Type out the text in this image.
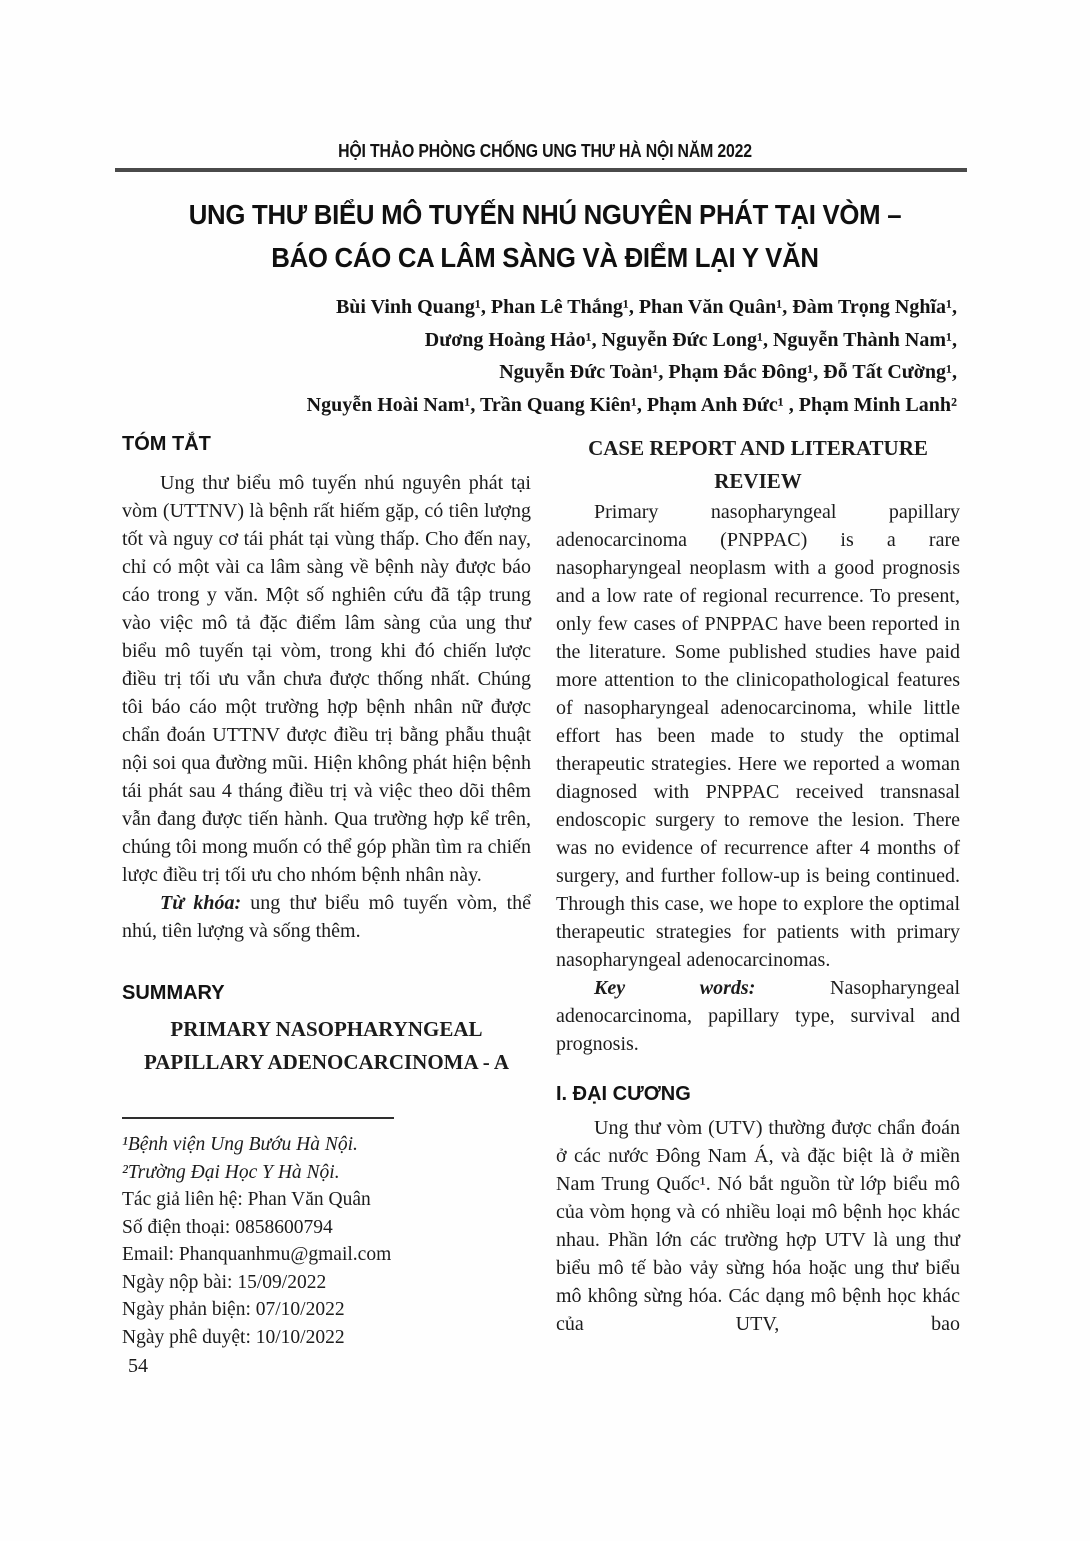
HỘI THẢO PHÒNG CHỐNG UNG THƯ HÀ NỘI NĂM 2022
UNG THƯ BIỂU MÔ TUYẾN NHÚ NGUYÊN PHÁT TẠI VÒM –
BÁO CÁO CA LÂM SÀNG VÀ ĐIỂM LẠI Y VĂN
Bùi Vinh Quang¹, Phan Lê Thắng¹, Phan Văn Quân¹, Đàm Trọng Nghĩa¹,
Dương Hoàng Hảo¹, Nguyễn Đức Long¹, Nguyễn Thành Nam¹,
Nguyễn Đức Toàn¹, Phạm Đắc Đông¹, Đỗ Tất Cường¹,
Nguyễn Hoài Nam¹, Trần Quang Kiên¹, Phạm Anh Đức¹ , Phạm Minh Lanh²
TÓM TẮT

Ung thư biểu mô tuyến nhú nguyên phát tại vòm (UTTNV) là bệnh rất hiếm gặp, có tiên lượng tốt và nguy cơ tái phát tại vùng thấp. Cho đến nay, chỉ có một vài ca lâm sàng về bệnh này được báo cáo trong y văn. Một số nghiên cứu đã tập trung vào việc mô tả đặc điểm lâm sàng của ung thư biểu mô tuyến tại vòm, trong khi đó chiến lược điều trị tối ưu vẫn chưa được thống nhất. Chúng tôi báo cáo một trường hợp bệnh nhân nữ được chẩn đoán UTTNV được điều trị bằng phẫu thuật nội soi qua đường mũi. Hiện không phát hiện bệnh tái phát sau 4 tháng điều trị và việc theo dõi thêm vẫn đang được tiến hành. Qua trường hợp kể trên, chúng tôi mong muốn có thể góp phần tìm ra chiến lược điều trị tối ưu cho nhóm bệnh nhân này.

Từ khóa: ung thư biểu mô tuyến vòm, thể nhú, tiên lượng và sống thêm.

SUMMARY

PRIMARY NASOPHARYNGEAL PAPILLARY ADENOCARCINOMA - A

¹Bệnh viện Ung Bướu Hà Nội.
²Trường Đại Học Y Hà Nội.
Tác giả liên hệ: Phan Văn Quân
Số điện thoại: 0858600794
Email: Phanquanhmu@gmail.com
Ngày nộp bài: 15/09/2022
Ngày phản biện: 07/10/2022
Ngày phê duyệt: 10/10/2022

CASE REPORT AND LITERATURE REVIEW

Primary nasopharyngeal papillary adenocarcinoma (PNPPAC) is a rare nasopharyngeal neoplasm with a good prognosis and a low rate of regional recurrence. To present, only few cases of PNPPAC have been reported in the literature. Some published studies have paid more attention to the clinicopathological features of nasopharyngeal adenocarcinoma, while little effort has been made to study the optimal therapeutic strategies. Here we reported a woman diagnosed with PNPPAC received transnasal endoscopic surgery to remove the lesion. There was no evidence of recurrence after 4 months of surgery, and further follow-up is being continued. Through this case, we hope to explore the optimal therapeutic strategies for patients with primary nasopharyngeal adenocarcinomas.

Key words: Nasopharyngeal adenocarcinoma, papillary type, survival and prognosis.

I. ĐẠI CƯƠNG

Ung thư vòm (UTV) thường được chẩn đoán ở các nước Đông Nam Á, và đặc biệt là ở miền Nam Trung Quốc¹. Nó bắt nguồn từ lớp biểu mô của vòm họng và có nhiều loại mô bệnh học khác nhau. Phần lớn các trường hợp UTV là ung thư biểu mô tế bào vảy sừng hóa hoặc ung thư biểu mô không sừng hóa. Các dạng mô bệnh học khác của UTV, bao

54
